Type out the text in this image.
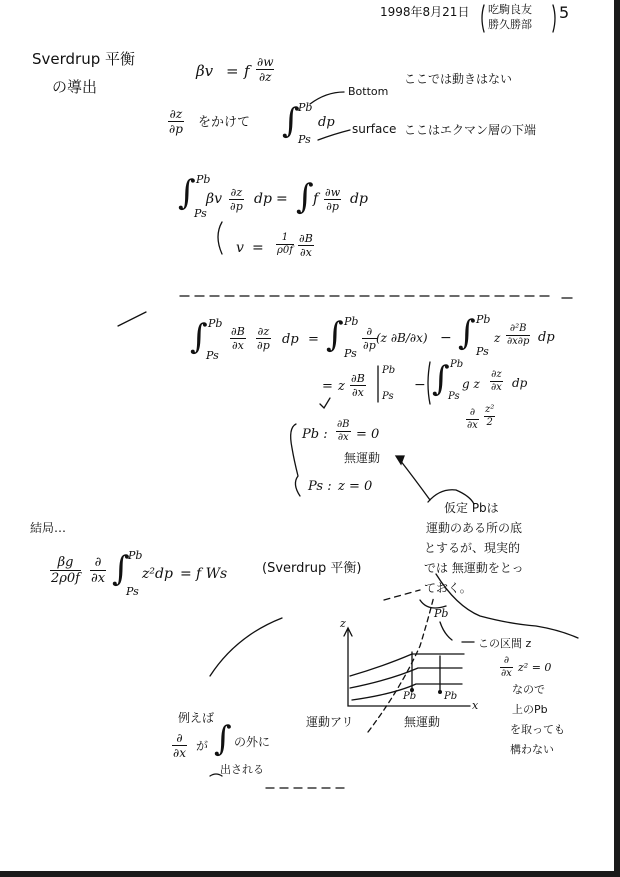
1998年8月21日 吃駒良友
勝久勝部
5
Sverdrup 平衡
の導出
βv = f ∂w
∂z
∂z
∂p をかけて ∫
Pb
Ps
dp
Bottom
ここでは動きはない
surface ここはエクマン層の下端
∫ Pb
Ps
βv ∂z
∂p dp = ∫ f ∂w
∂p dp
v =
1
ρ0f
∂B
∂x
∫ Pb
Ps
∂B
∂x
∂z
∂p dp = ∫ Pb
Ps
∂
∂p
(z ∂B/∂x) − ∫ Pb
Ps
z
∂²B
∂x∂p dp
= z
∂B
∂x
Pb
Ps
− ∫ Pb
Ps
g z
∂z
∂x dp
∂
∂x
z²
2
Pb :
∂B
∂x = 0
無運動
Ps : z = 0
仮定 Pbは
運動のある所の底
とするが、現実的
では 無運動をとっ
ておく。
結局…
βg
2ρ0f
∂
∂x ∫
Pb
Ps
z²dp = f Ws	(Sverdrup 平衡)
z
x
Pb
Pb	Pb
運動アリ	無運動
この区間 z
∂
∂x z² = 0
なので
上のPb
を取っても
構わない
例えば
∂
∂x が ∫ の外に
出される
